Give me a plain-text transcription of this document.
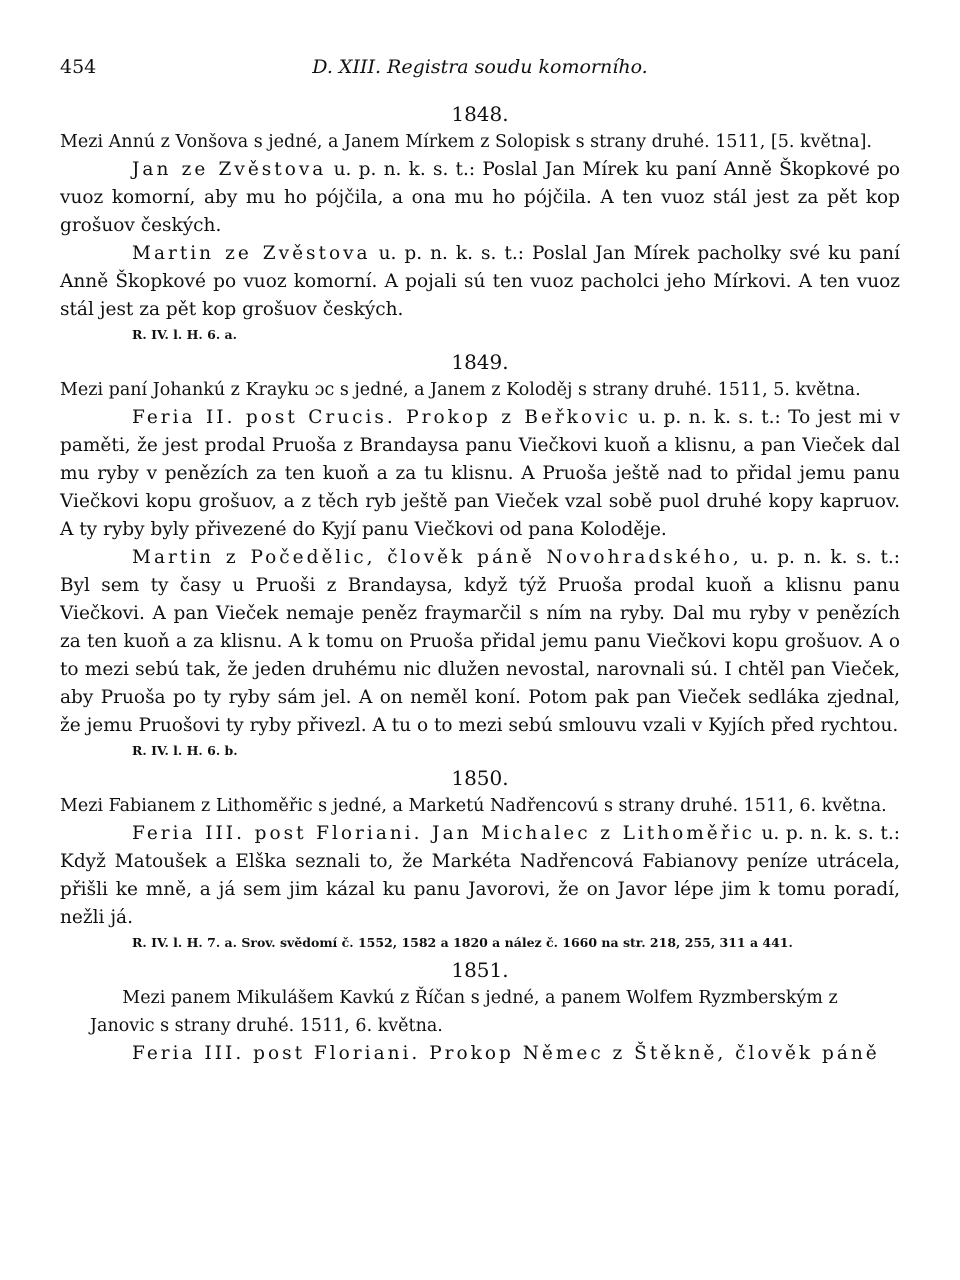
454	D. XIII. Registra soudu komorního.
1848.

Mezi Annú z Vonšova s jedné, a Janem Mírkem z Solopisk s strany druhé. 1511, [5. května].

Jan ze Zvěstova u. p. n. k. s. t.: Poslal Jan Mírek ku paní Anně Škopkové po vuoz komorní, aby mu ho pójčila, a ona mu ho pójčila. A ten vuoz stál jest za pět kop grošuov českých.

Martin ze Zvěstova u. p. n. k. s. t.: Poslal Jan Mírek pacholky své ku paní Anně Škopkové po vuoz komorní. A pojali sú ten vuoz pacholci jeho Mírkovi. A ten vuoz stál jest za pět kop grošuov českých.

R. IV. l. H. 6. a.
1849.

Mezi paní Johankú z Krayku ɔc s jedné, a Janem z Koloděj s strany druhé. 1511, 5. května.

Feria II. post Crucis. Prokop z Beřkovic u. p. n. k. s. t.: To jest mi v paměti, že jest prodal Pruoša z Brandaysa panu Viečkovi kuoň a klisnu, a pan Vieček dal mu ryby v penězích za ten kuoň a za tu klisnu. A Pruoša ještě nad to přidal jemu panu Viečkovi kopu grošuov, a z těch ryb ještě pan Vieček vzal sobě puol druhé kopy kapruov. A ty ryby byly přivezené do Kyjí panu Viečkovi od pana Koloděje.

Martin z Počedělic, člověk páně Novohradského, u. p. n. k. s. t.: Byl sem ty časy u Pruoši z Brandaysa, když týž Pruoša prodal kuoň a klisnu panu Viečkovi. A pan Vieček nemaje peněz fraymarčil s ním na ryby. Dal mu ryby v penězích za ten kuoň a za klisnu. A k tomu on Pruoša přidal jemu panu Viečkovi kopu grošuov. A o to mezi sebú tak, že jeden druhému nic dlužen nevostal, narovnali sú. I chtěl pan Vieček, aby Pruoša po ty ryby sám jel. A on neměl koní. Potom pak pan Vieček sedláka zjednal, že jemu Pruošovi ty ryby přivezl. A tu o to mezi sebú smlouvu vzali v Kyjích před rychtou.

R. IV. l. H. 6. b.
1850.

Mezi Fabianem z Lithoměřic s jedné, a Marketú Nadřencovú s strany druhé. 1511, 6. května.

Feria III. post Floriani. Jan Michalec z Lithoměřic u. p. n. k. s. t.: Když Matoušek a Elška seznali to, že Markéta Nadřencová Fabianovy peníze utrácela, přišli ke mně, a já sem jim kázal ku panu Javorovi, že on Javor lépe jim k tomu poradí, nežli já.

R. IV. l. H. 7. a. Srov. svědomí č. 1552, 1582 a 1820 a nález č. 1660 na str. 218, 255, 311 a 441.
1851.

Mezi panem Mikulášem Kavkú z Říčan s jedné, a panem Wolfem Ryzmberským z Janovic s strany druhé. 1511, 6. května.

Feria III. post Floriani. Prokop Němec z Štěkně, člověk páně
